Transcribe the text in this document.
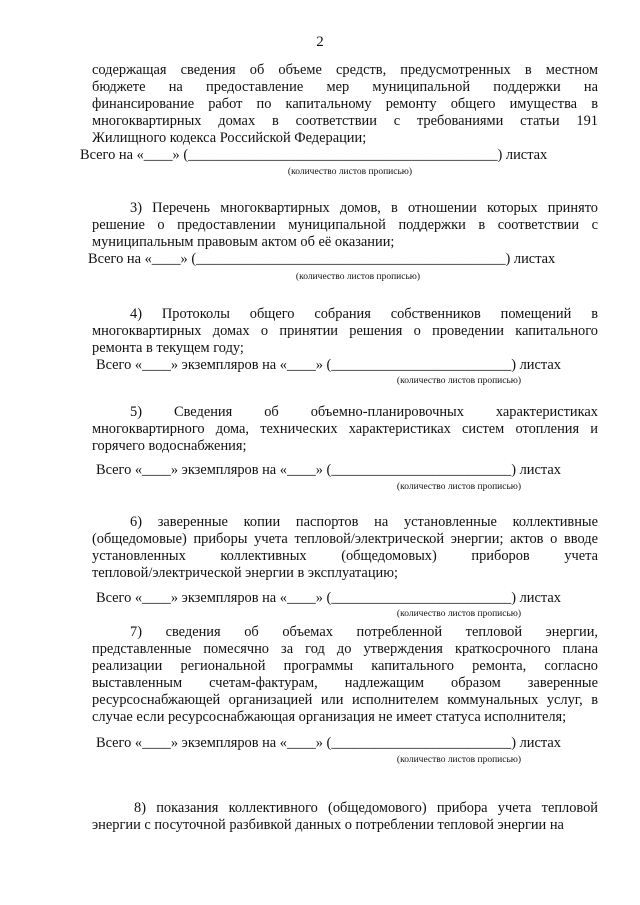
2
содержащая сведения об объеме средств, предусмотренных в местном
бюджете на предоставление мер муниципальной поддержки на
финансирование работ по капитальному ремонту общего имущества в
многоквартирных домах в соответствии с требованиями статьи 191
Жилищного кодекса Российской Федерации;
Всего на «____» (___________________________________________) листах
(количество листов прописью)
3) Перечень многоквартирных домов, в отношении которых принято
решение о предоставлении муниципальной поддержки в соответствии с
муниципальным правовым актом об её оказании;
Всего на «____» (___________________________________________) листах
(количество листов прописью)
4) Протоколы общего собрания собственников помещений в
многоквартирных домах о принятии решения о проведении капитального
ремонта в текущем году;
Всего «____» экземпляров на «____» (_________________________) листах
(количество листов прописью)
5) Сведения об объемно-планировочных характеристиках
многоквартирного дома, технических характеристиках систем отопления и
горячего водоснабжения;
Всего «____» экземпляров на «____» (_________________________) листах
(количество листов прописью)
6) заверенные копии паспортов на установленные коллективные
(общедомовые) приборы учета тепловой/электрической энергии; актов о вводе
установленных коллективных (общедомовых) приборов учета
тепловой/электрической энергии в эксплуатацию;
Всего «____» экземпляров на «____» (_________________________) листах
(количество листов прописью)
7) сведения об объемах потребленной тепловой энергии,
представленные помесячно за год до утверждения краткосрочного плана
реализации региональной программы капитального ремонта, согласно
выставленным счетам-фактурам, надлежащим образом заверенные
ресурсоснабжающей организацией или исполнителем коммунальных услуг, в
случае если ресурсоснабжающая организация не имеет статуса исполнителя;
Всего «____» экземпляров на «____» (_________________________) листах
(количество листов прописью)
8) показания коллективного (общедомового) прибора учета тепловой
энергии с посуточной разбивкой данных о потреблении тепловой энергии на
